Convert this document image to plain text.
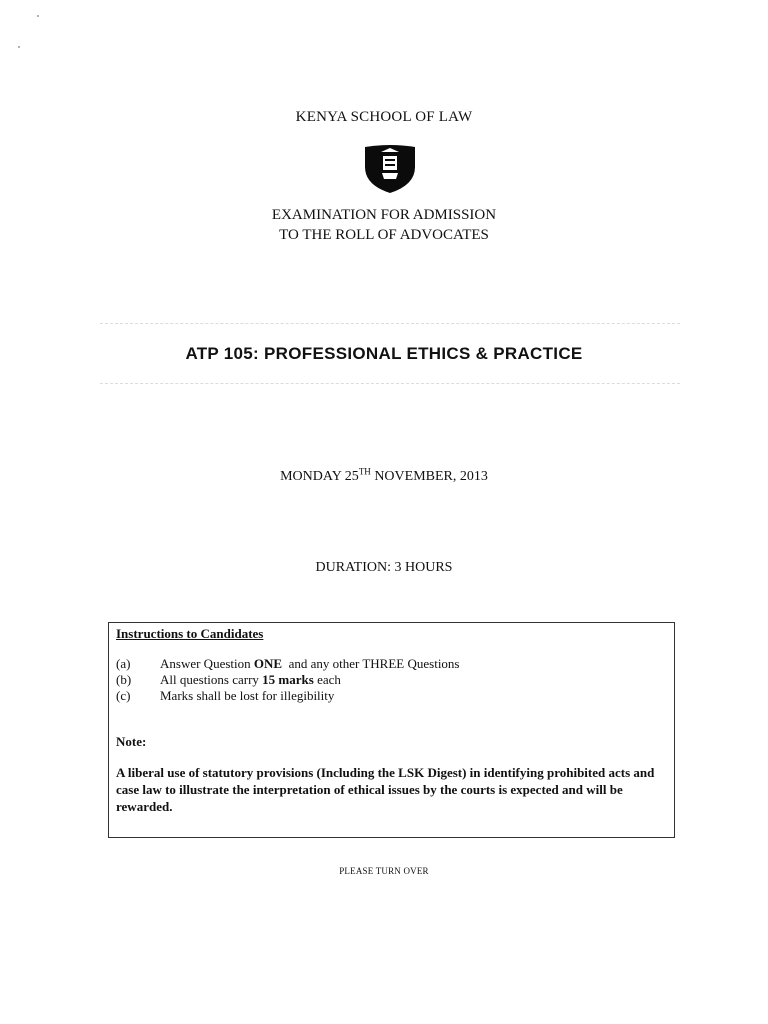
KENYA SCHOOL OF LAW
EXAMINATION FOR ADMISSION
TO THE ROLL OF ADVOCATES
ATP 105: PROFESSIONAL ETHICS & PRACTICE
MONDAY 25TH NOVEMBER, 2013
DURATION: 3 HOURS
Instructions to Candidates
(a) Answer Question ONE  and any other THREE Questions
(b) All questions carry 15 marks each
(c) Marks shall be lost for illegibility
Note:
A liberal use of statutory provisions (Including the LSK Digest) in identifying prohibited acts and case law to illustrate the interpretation of ethical issues by the courts is expected and will be rewarded.
PLEASE TURN OVER
